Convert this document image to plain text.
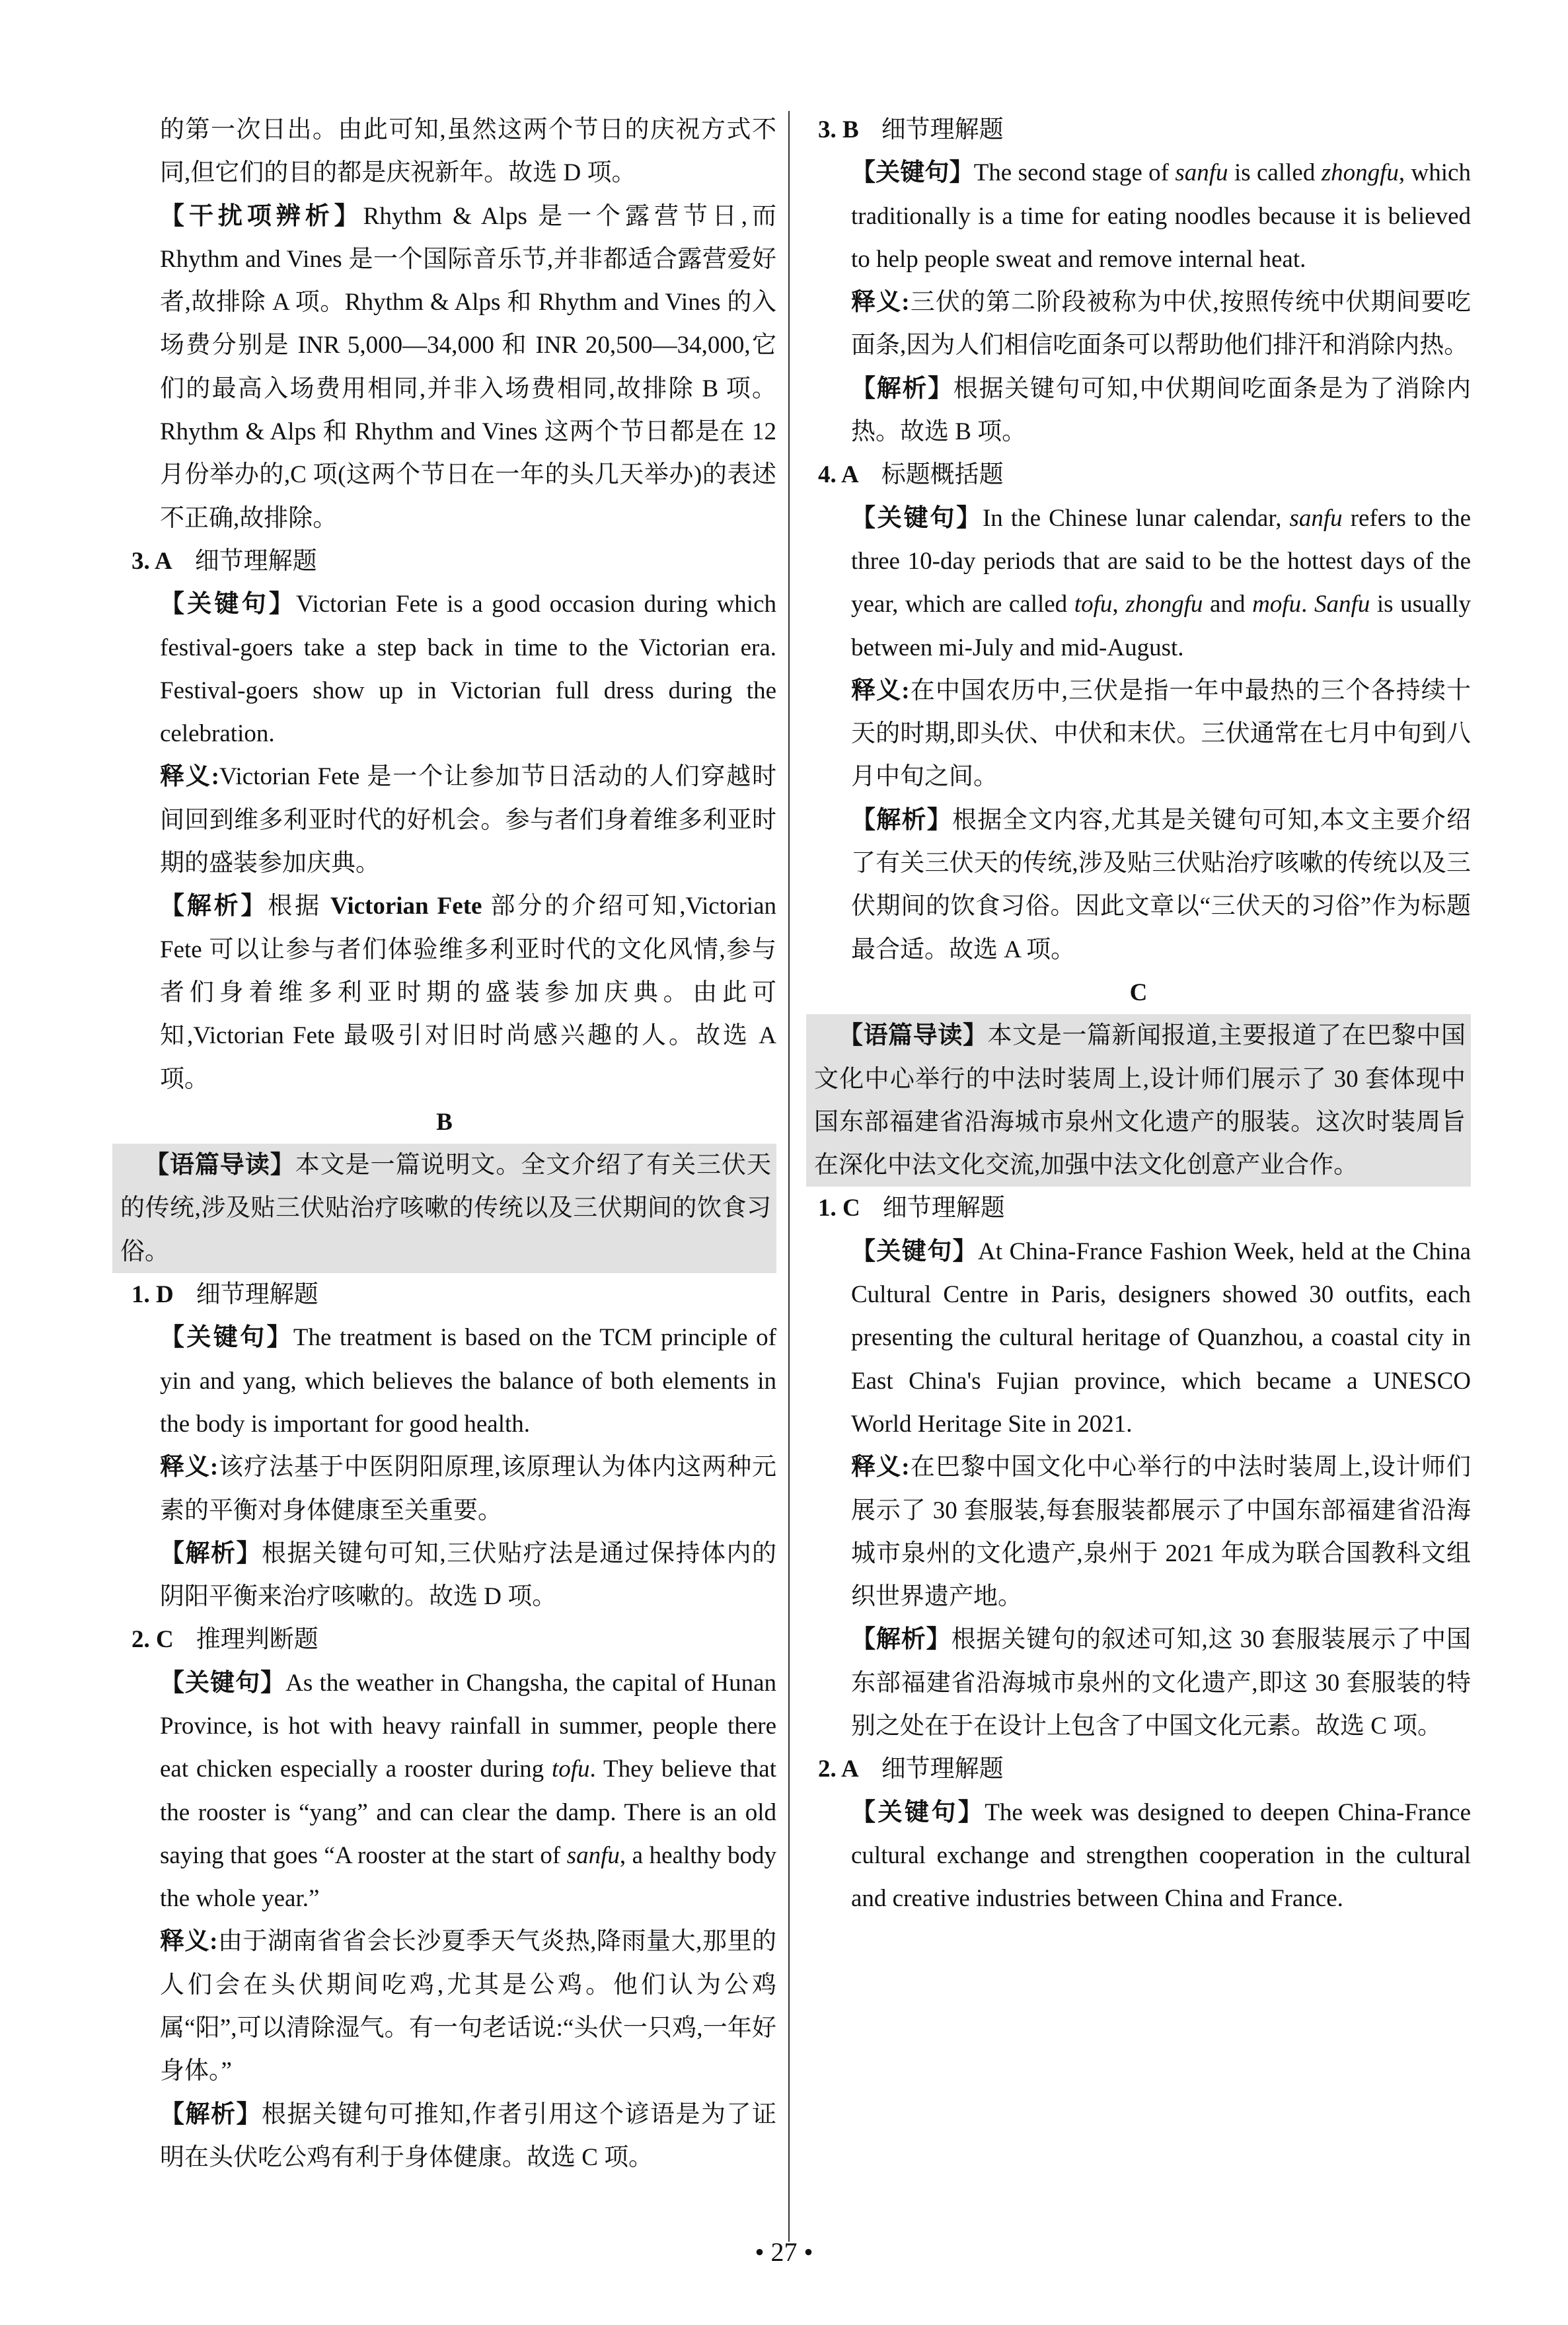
的第一次日出。由此可知,虽然这两个节日的庆祝方式不同,但它们的目的都是庆祝新年。故选 D 项。
【干扰项辨析】Rhythm & Alps 是一个露营节日,而 Rhythm and Vines 是一个国际音乐节,并非都适合露营爱好者,故排除 A 项。Rhythm & Alps 和 Rhythm and Vines 的入场费分别是 INR 5,000—34,000 和 INR 20,500—34,000,它们的最高入场费用相同,并非入场费相同,故排除 B 项。Rhythm & Alps 和 Rhythm and Vines 这两个节日都是在 12 月份举办的,C 项(这两个节日在一年的头几天举办)的表述不正确,故排除。
3. A 细节理解题
【关键句】Victorian Fete is a good occasion during which festival-goers take a step back in time to the Victorian era. Festival-goers show up in Victorian full dress during the celebration.
释义:Victorian Fete 是一个让参加节日活动的人们穿越时间回到维多利亚时代的好机会。参与者们身着维多利亚时期的盛装参加庆典。
【解析】根据 Victorian Fete 部分的介绍可知,Victorian Fete 可以让参与者们体验维多利亚时代的文化风情,参与者们身着维多利亚时期的盛装参加庆典。由此可知,Victorian Fete 最吸引对旧时尚感兴趣的人。故选 A 项。
B
【语篇导读】本文是一篇说明文。全文介绍了有关三伏天的传统,涉及贴三伏贴治疗咳嗽的传统以及三伏期间的饮食习俗。
1. D 细节理解题
【关键句】The treatment is based on the TCM principle of yin and yang, which believes the balance of both elements in the body is important for good health.
释义:该疗法基于中医阴阳原理,该原理认为体内这两种元素的平衡对身体健康至关重要。
【解析】根据关键句可知,三伏贴疗法是通过保持体内的阴阳平衡来治疗咳嗽的。故选 D 项。
2. C 推理判断题
【关键句】As the weather in Changsha, the capital of Hunan Province, is hot with heavy rainfall in summer, people there eat chicken especially a rooster during tofu. They believe that the rooster is “yang” and can clear the damp. There is an old saying that goes “A rooster at the start of sanfu, a healthy body the whole year.”
释义:由于湖南省省会长沙夏季天气炎热,降雨量大,那里的人们会在头伏期间吃鸡,尤其是公鸡。他们认为公鸡属“阳”,可以清除湿气。有一句老话说:“头伏一只鸡,一年好身体。”
【解析】根据关键句可推知,作者引用这个谚语是为了证明在头伏吃公鸡有利于身体健康。故选 C 项。
3. B 细节理解题
【关键句】The second stage of sanfu is called zhongfu, which traditionally is a time for eating noodles because it is believed to help people sweat and remove internal heat.
释义:三伏的第二阶段被称为中伏,按照传统中伏期间要吃面条,因为人们相信吃面条可以帮助他们排汗和消除内热。
【解析】根据关键句可知,中伏期间吃面条是为了消除内热。故选 B 项。
4. A 标题概括题
【关键句】In the Chinese lunar calendar, sanfu refers to the three 10-day periods that are said to be the hottest days of the year, which are called tofu, zhongfu and mofu. Sanfu is usually between mi-July and mid-August.
释义:在中国农历中,三伏是指一年中最热的三个各持续十天的时期,即头伏、中伏和末伏。三伏通常在七月中旬到八月中旬之间。
【解析】根据全文内容,尤其是关键句可知,本文主要介绍了有关三伏天的传统,涉及贴三伏贴治疗咳嗽的传统以及三伏期间的饮食习俗。因此文章以“三伏天的习俗”作为标题最合适。故选 A 项。
C
【语篇导读】本文是一篇新闻报道,主要报道了在巴黎中国文化中心举行的中法时装周上,设计师们展示了 30 套体现中国东部福建省沿海城市泉州文化遗产的服装。这次时装周旨在深化中法文化交流,加强中法文化创意产业合作。
1. C 细节理解题
【关键句】At China-France Fashion Week, held at the China Cultural Centre in Paris, designers showed 30 outfits, each presenting the cultural heritage of Quanzhou, a coastal city in East China's Fujian province, which became a UNESCO World Heritage Site in 2021.
释义:在巴黎中国文化中心举行的中法时装周上,设计师们展示了 30 套服装,每套服装都展示了中国东部福建省沿海城市泉州的文化遗产,泉州于 2021 年成为联合国教科文组织世界遗产地。
【解析】根据关键句的叙述可知,这 30 套服装展示了中国东部福建省沿海城市泉州的文化遗产,即这 30 套服装的特别之处在于在设计上包含了中国文化元素。故选 C 项。
2. A 细节理解题
【关键句】The week was designed to deepen China-France cultural exchange and strengthen cooperation in the cultural and creative industries between China and France.
• 27 •
